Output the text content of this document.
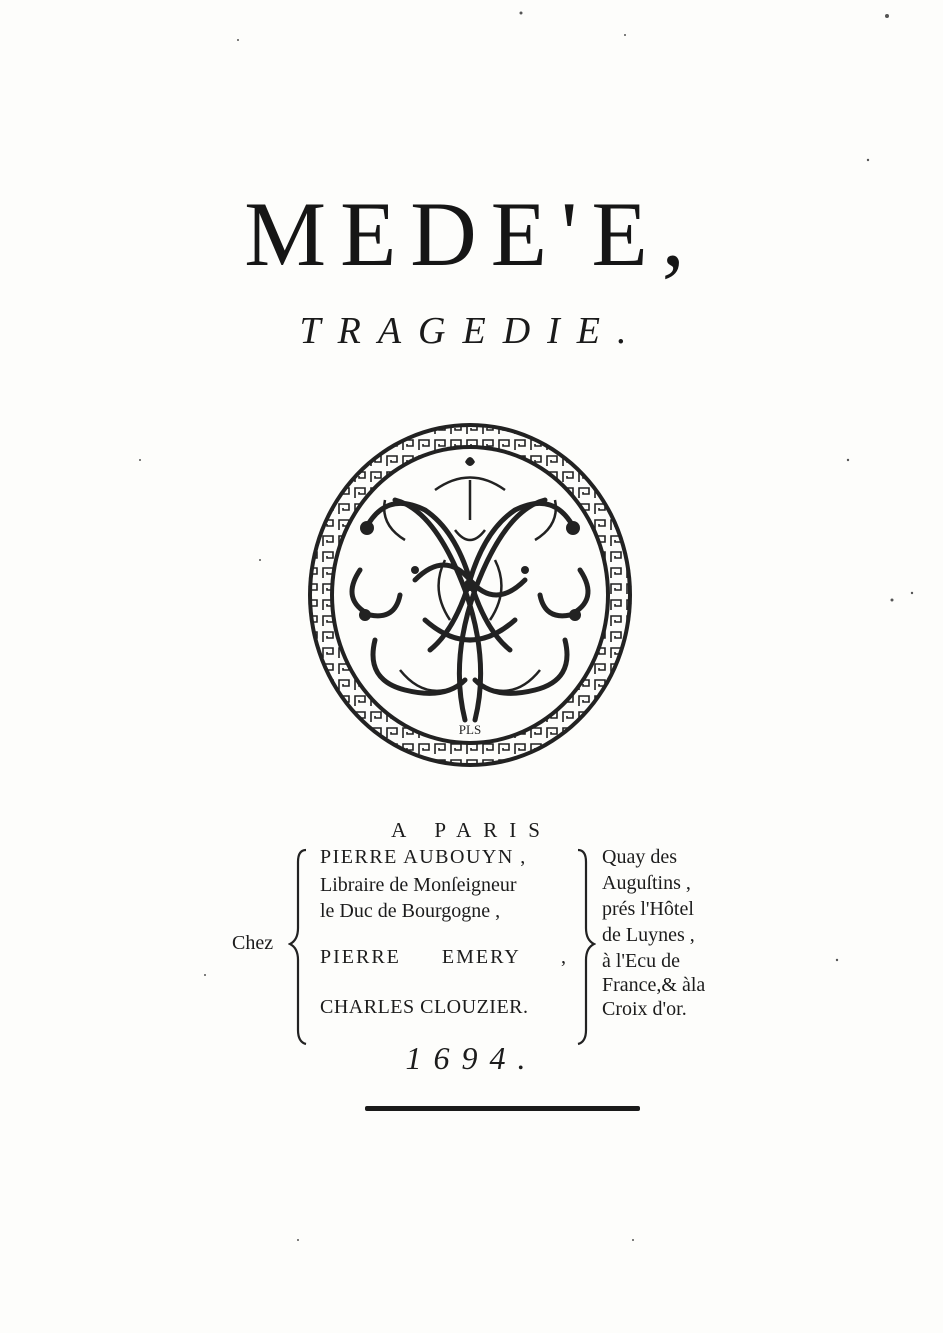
MEDE'E,
TRAGEDIE.
PLS
A PARIS
Chez
PIERRE AUBOUYN ,
Libraire de Monſeigneur
le Duc de Bourgogne ,
PIERRE EMERY ,
CHARLES CLOUZIER.
Quay des
Auguſtins ,
prés l'Hôtel
de Luynes ,
à l'Ecu de
France,& àla
Croix d'or.
1694.
